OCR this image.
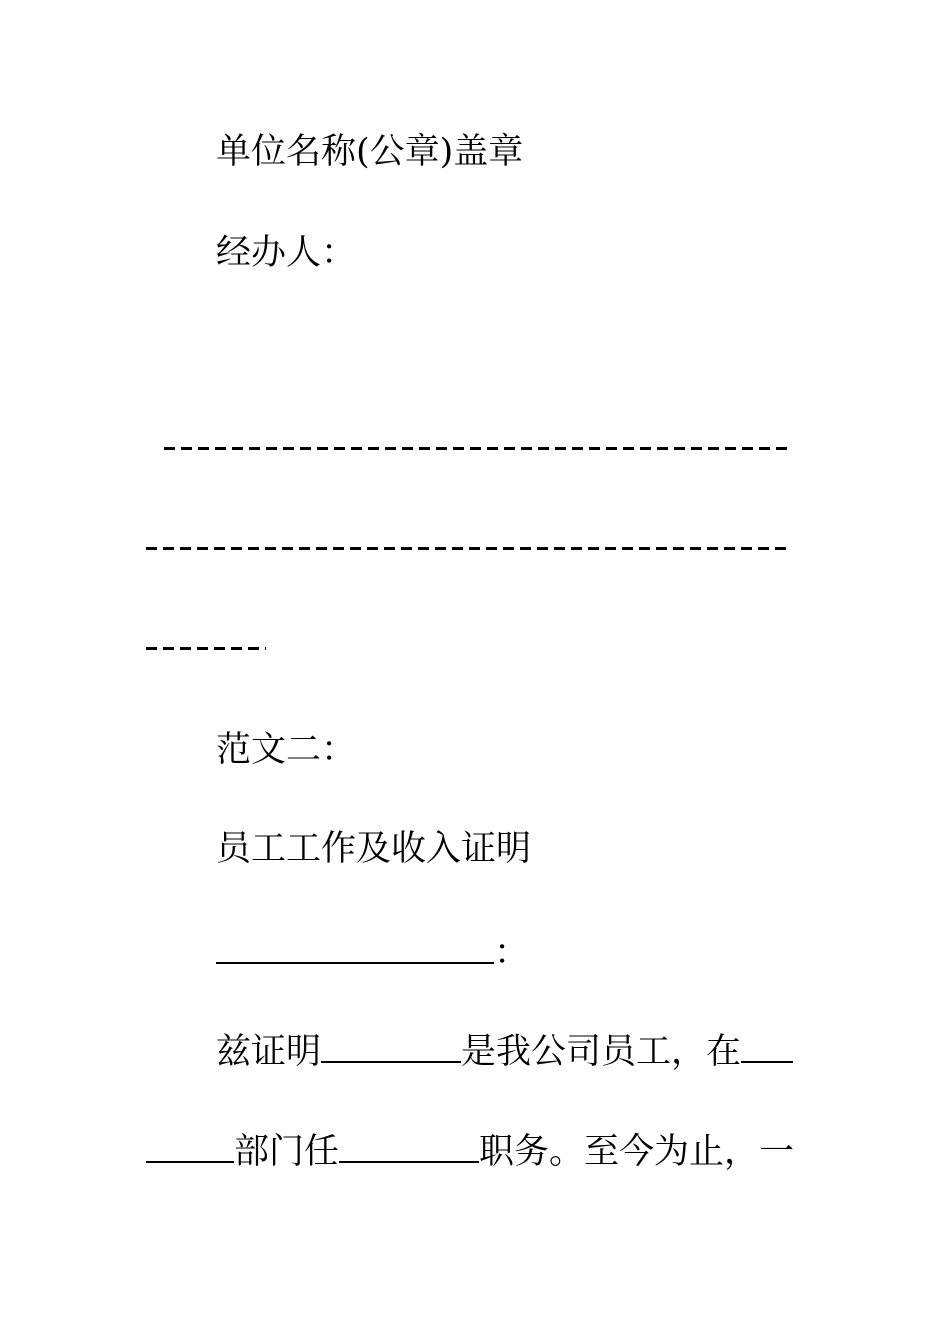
单位名称(公章)盖章
经办人：
范文二：
员工工作及收入证明
：
兹证明	是我公司员工，在
部门任	职务。至今为止，一
